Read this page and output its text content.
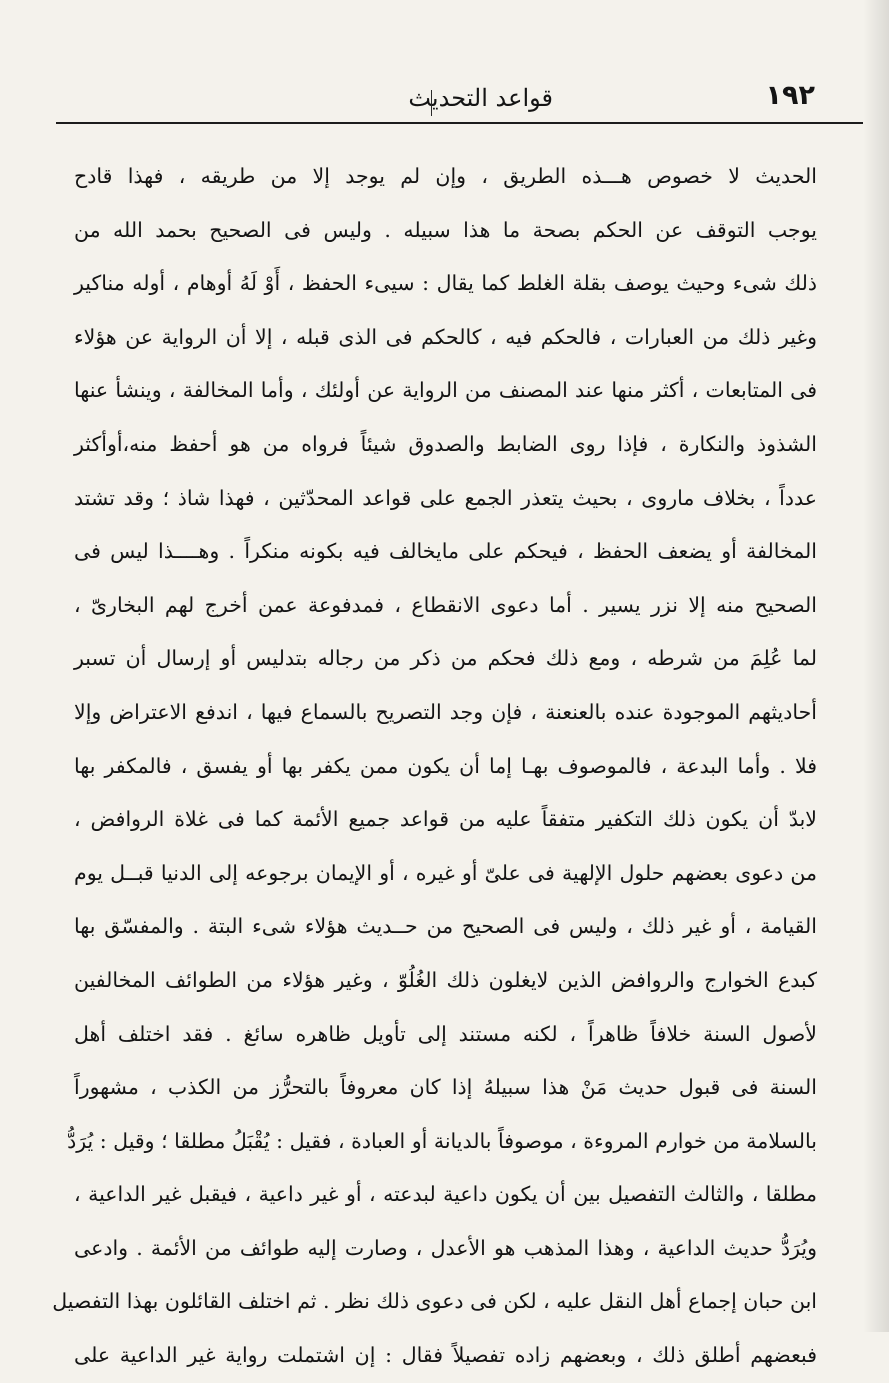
١٩٢
قواعد التحديث
الحديث لا خصوص هـــذه الطريق ، وإن لم يوجد إلا من طريقه ، فهذا قادح
يوجب التوقف عن الحكم بصحة ما هذا سبيله . وليس فى الصحيح بحمد الله من
ذلك شىء وحيث يوصف بقلة الغلط كما يقال : سيىء الحفظ ، أَوْ لَهُ أوهام ، أوله مناكير
وغير ذلك من العبارات ، فالحكم فيه ، كالحكم فى الذى قبله ، إلا أن الرواية عن هؤلاء
فى المتابعات ، أكثر منها عند المصنف من الرواية عن أولئك ، وأما المخالفة ، وينشأ عنها
الشذوذ والنكارة ، فإذا روى الضابط والصدوق شيئاً فرواه من هو أحفظ منه،أوأكثر
عدداً ، بخلاف ماروى ، بحيث يتعذر الجمع على قواعد المحدّثين ، فهذا شاذ ؛ وقد تشتد
المخالفة أو يضعف الحفظ ، فيحكم على مايخالف فيه بكونه منكراً . وهــــذا ليس فى
الصحيح منه إلا نزر يسير . أما دعوى الانقطاع ، فمدفوعة عمن أخرج لهم البخارىّ ،
لما عُلِمَ من شرطه ، ومع ذلك فحكم من ذكر من رجاله بتدليس أو إرسال أن تسبر
أحاديثهم الموجودة عنده بالعنعنة ، فإن وجد التصريح بالسماع فيها ، اندفع الاعتراض وإلا
فلا . وأما البدعة ، فالموصوف بهـا إما أن يكون ممن يكفر بها أو يفسق ، فالمكفر بها
لابدّ أن يكون ذلك التكفير متفقاً عليه من قواعد جميع الأئمة كما فى غلاة الروافض ،
من دعوى بعضهم حلول الإلهية فى علىّ أو غيره ، أو الإيمان برجوعه إلى الدنيا قبــل يوم
القيامة ، أو غير ذلك ، وليس فى الصحيح من حــديث هؤلاء شىء البتة . والمفسّق بها
كبدع الخوارج والروافض الذين لايغلون ذلك الغُلُوّ ، وغير هؤلاء من الطوائف المخالفين
لأصول السنة خلافاً ظاهراً ، لكنه مستند إلى تأويل ظاهره سائغ . فقد اختلف أهل
السنة فى قبول حديث مَنْ هذا سبيلهُ إذا كان معروفاً بالتحرُّز من الكذب ، مشهوراً
بالسلامة من خوارم المروءة ، موصوفاً بالديانة أو العبادة ، فقيل : يُقْبَلُ مطلقا ؛ وقيل : يُرَدُّ
مطلقا ، والثالث التفصيل بين أن يكون داعية لبدعته ، أو غير داعية ، فيقبل غير الداعية ،
ويُرَدُّ حديث الداعية ، وهذا المذهب هو الأعدل ، وصارت إليه طوائف من الأئمة . وادعى
ابن حبان إجماع أهل النقل عليه ، لكن فى دعوى ذلك نظر . ثم اختلف القائلون بهذا التفصيل
فبعضهم أطلق ذلك ، وبعضهم زاده تفصيلاً فقال : إن اشتملت رواية غير الداعية على
